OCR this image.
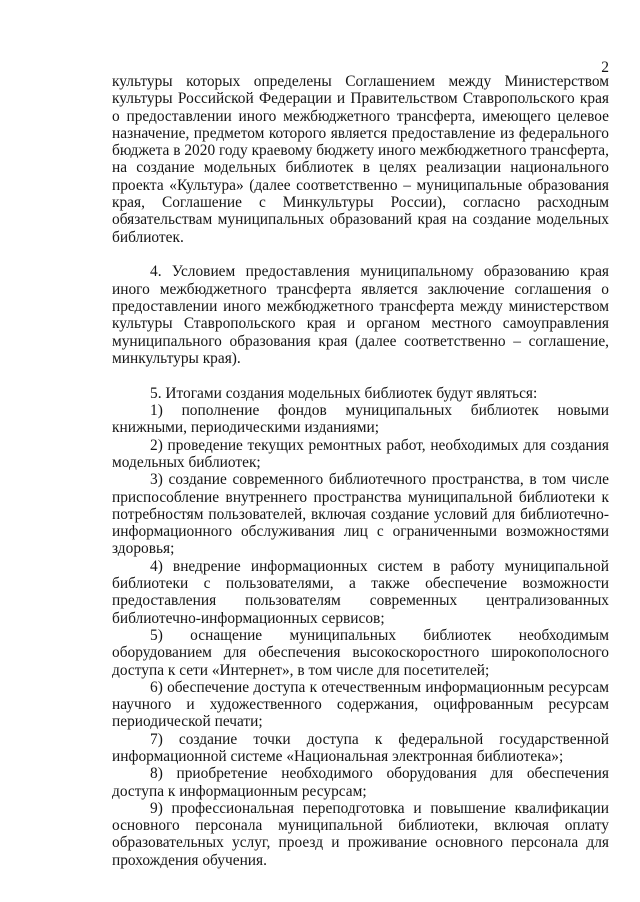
2

культуры которых определены Соглашением между Министерством культуры Российской Федерации и Правительством Ставропольского края о предоставлении иного межбюджетного трансферта, имеющего целевое назначение, предметом которого является предоставление из федерального бюджета в 2020 году краевому бюджету иного межбюджетного трансферта, на создание модельных библиотек в целях реализации национального проекта «Культура» (далее соответственно – муниципальные образования края, Соглашение с Минкультуры России), согласно расходным обязательствам муниципальных образований края на создание модельных библиотек.

4. Условием предоставления муниципальному образованию края иного межбюджетного трансферта является заключение соглашения о предоставлении иного межбюджетного трансферта между министерством культуры Ставропольского края и органом местного самоуправления муниципального образования края (далее соответственно – соглашение, минкультуры края).

5. Итогами создания модельных библиотек будут являться:

1) пополнение фондов муниципальных библиотек новыми книжными, периодическими изданиями;

2) проведение текущих ремонтных работ, необходимых для создания модельных библиотек;

3) создание современного библиотечного пространства, в том числе приспособление внутреннего пространства муниципальной библиотеки к потребностям пользователей, включая создание условий для библиотечно-информационного обслуживания лиц с ограниченными возможностями здоровья;

4) внедрение информационных систем в работу муниципальной библиотеки с пользователями, а также обеспечение возможности предоставления пользователям современных централизованных библиотечно-информационных сервисов;

5) оснащение муниципальных библиотек необходимым оборудованием для обеспечения высокоскоростного широкополосного доступа к сети «Интернет», в том числе для посетителей;

6) обеспечение доступа к отечественным информационным ресурсам научного и художественного содержания, оцифрованным ресурсам периодической печати;

7) создание точки доступа к федеральной государственной информационной системе «Национальная электронная библиотека»;

8) приобретение необходимого оборудования для обеспечения доступа к информационным ресурсам;

9) профессиональная переподготовка и повышение квалификации основного персонала муниципальной библиотеки, включая оплату образовательных услуг, проезд и проживание основного персонала для прохождения обучения.
